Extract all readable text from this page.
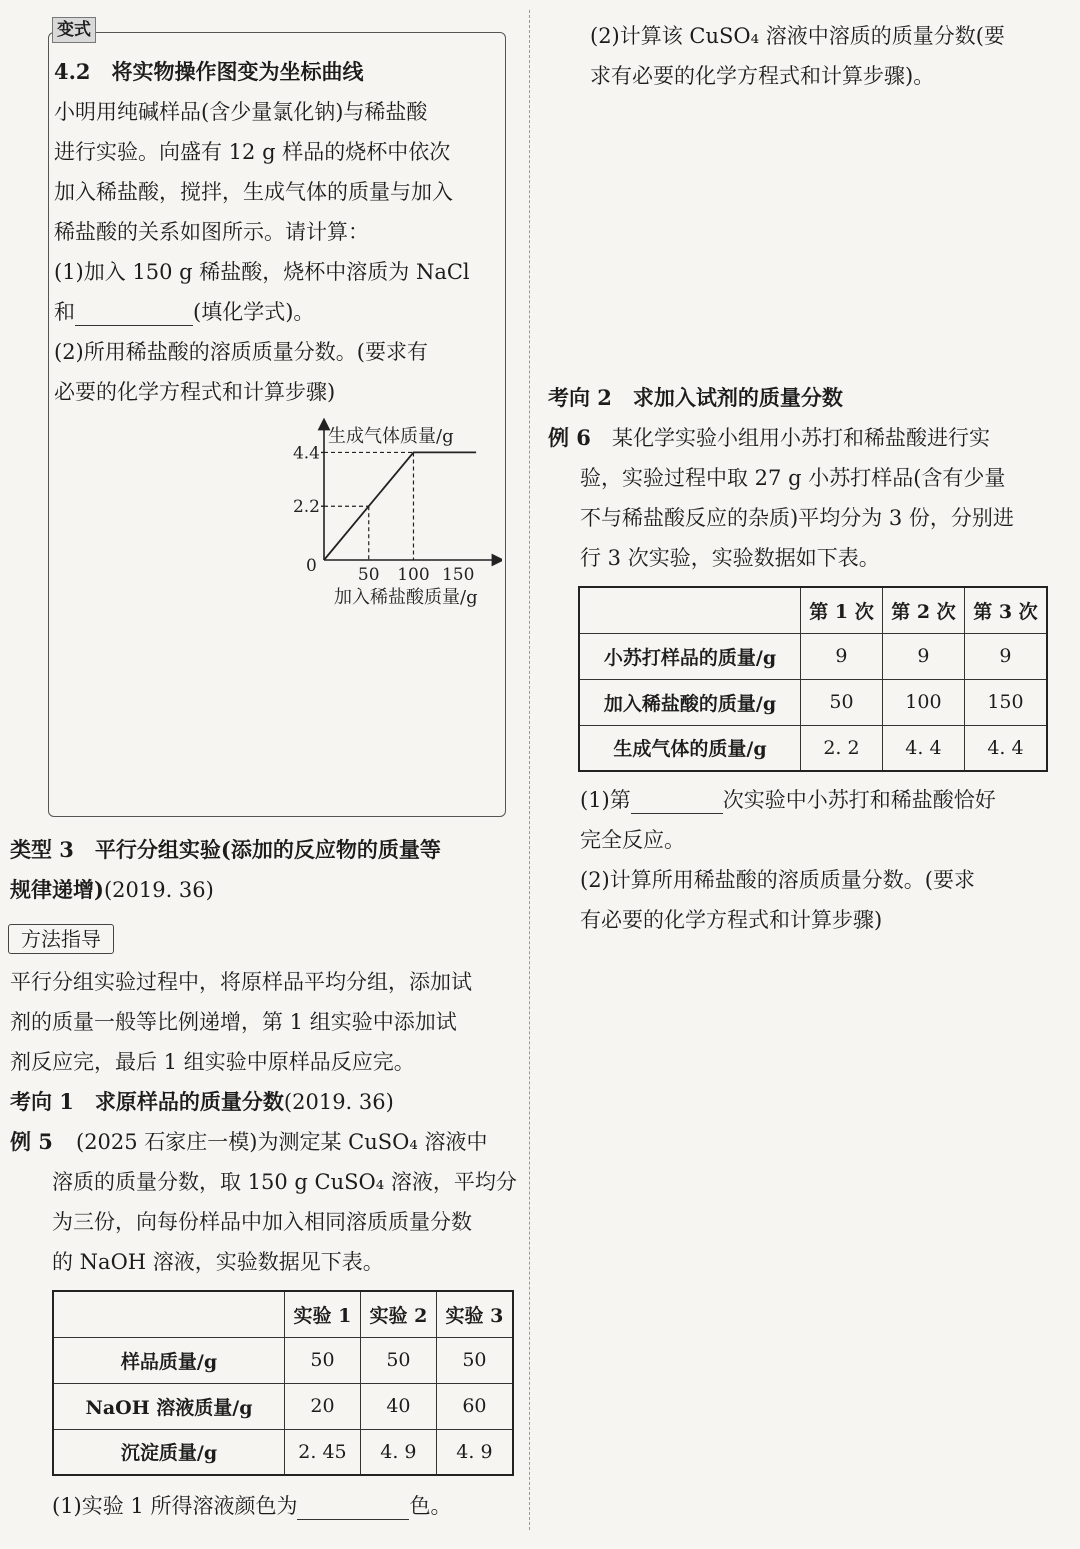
变式
4.2　将实物操作图变为坐标曲线
小明用纯碱样品(含少量氯化钠)与稀盐酸
进行实验。向盛有 12 g 样品的烧杯中依次
加入稀盐酸，搅拌，生成气体的质量与加入
稀盐酸的关系如图所示。请计算：
(1)加入 150 g 稀盐酸，烧杯中溶质为 NaCl
和	(填化学式)。
(2)所用稀盐酸的溶质质量分数。(要求有
必要的化学方程式和计算步骤)
生成气体质量/g
0 50 100 150
2.2
4.4
加入稀盐酸质量/g
类型 3　平行分组实验(添加的反应物的质量等
规律递增)(2019. 36)
方法指导
平行分组实验过程中，将原样品平均分组，添加试
剂的质量一般等比例递增，第 1 组实验中添加试
剂反应完，最后 1 组实验中原样品反应完。
考向 1　求原样品的质量分数(2019. 36)
例 5 (2025 石家庄一模)为测定某 CuSO₄ 溶液中
溶质的质量分数，取 150 g CuSO₄ 溶液，平均分
为三份，向每份样品中加入相同溶质质量分数
的 NaOH 溶液，实验数据见下表。
	实验 1	实验 2	实验 3
样品质量/g	50	50	50
NaOH 溶液质量/g	20	40	60
沉淀质量/g	2. 45	4. 9	4. 9
(1)实验 1 所得溶液颜色为	色。
(2)计算该 CuSO₄ 溶液中溶质的质量分数(要
求有必要的化学方程式和计算步骤)。
考向 2　求加入试剂的质量分数
例 6 某化学实验小组用小苏打和稀盐酸进行实
验，实验过程中取 27 g 小苏打样品(含有少量
不与稀盐酸反应的杂质)平均分为 3 份，分别进
行 3 次实验，实验数据如下表。
	第 1 次	第 2 次	第 3 次
小苏打样品的质量/g	9	9	9
加入稀盐酸的质量/g	50	100	150
生成气体的质量/g	2. 2	4. 4	4. 4
(1)第	次实验中小苏打和稀盐酸恰好
完全反应。
(2)计算所用稀盐酸的溶质质量分数。(要求
有必要的化学方程式和计算步骤)
